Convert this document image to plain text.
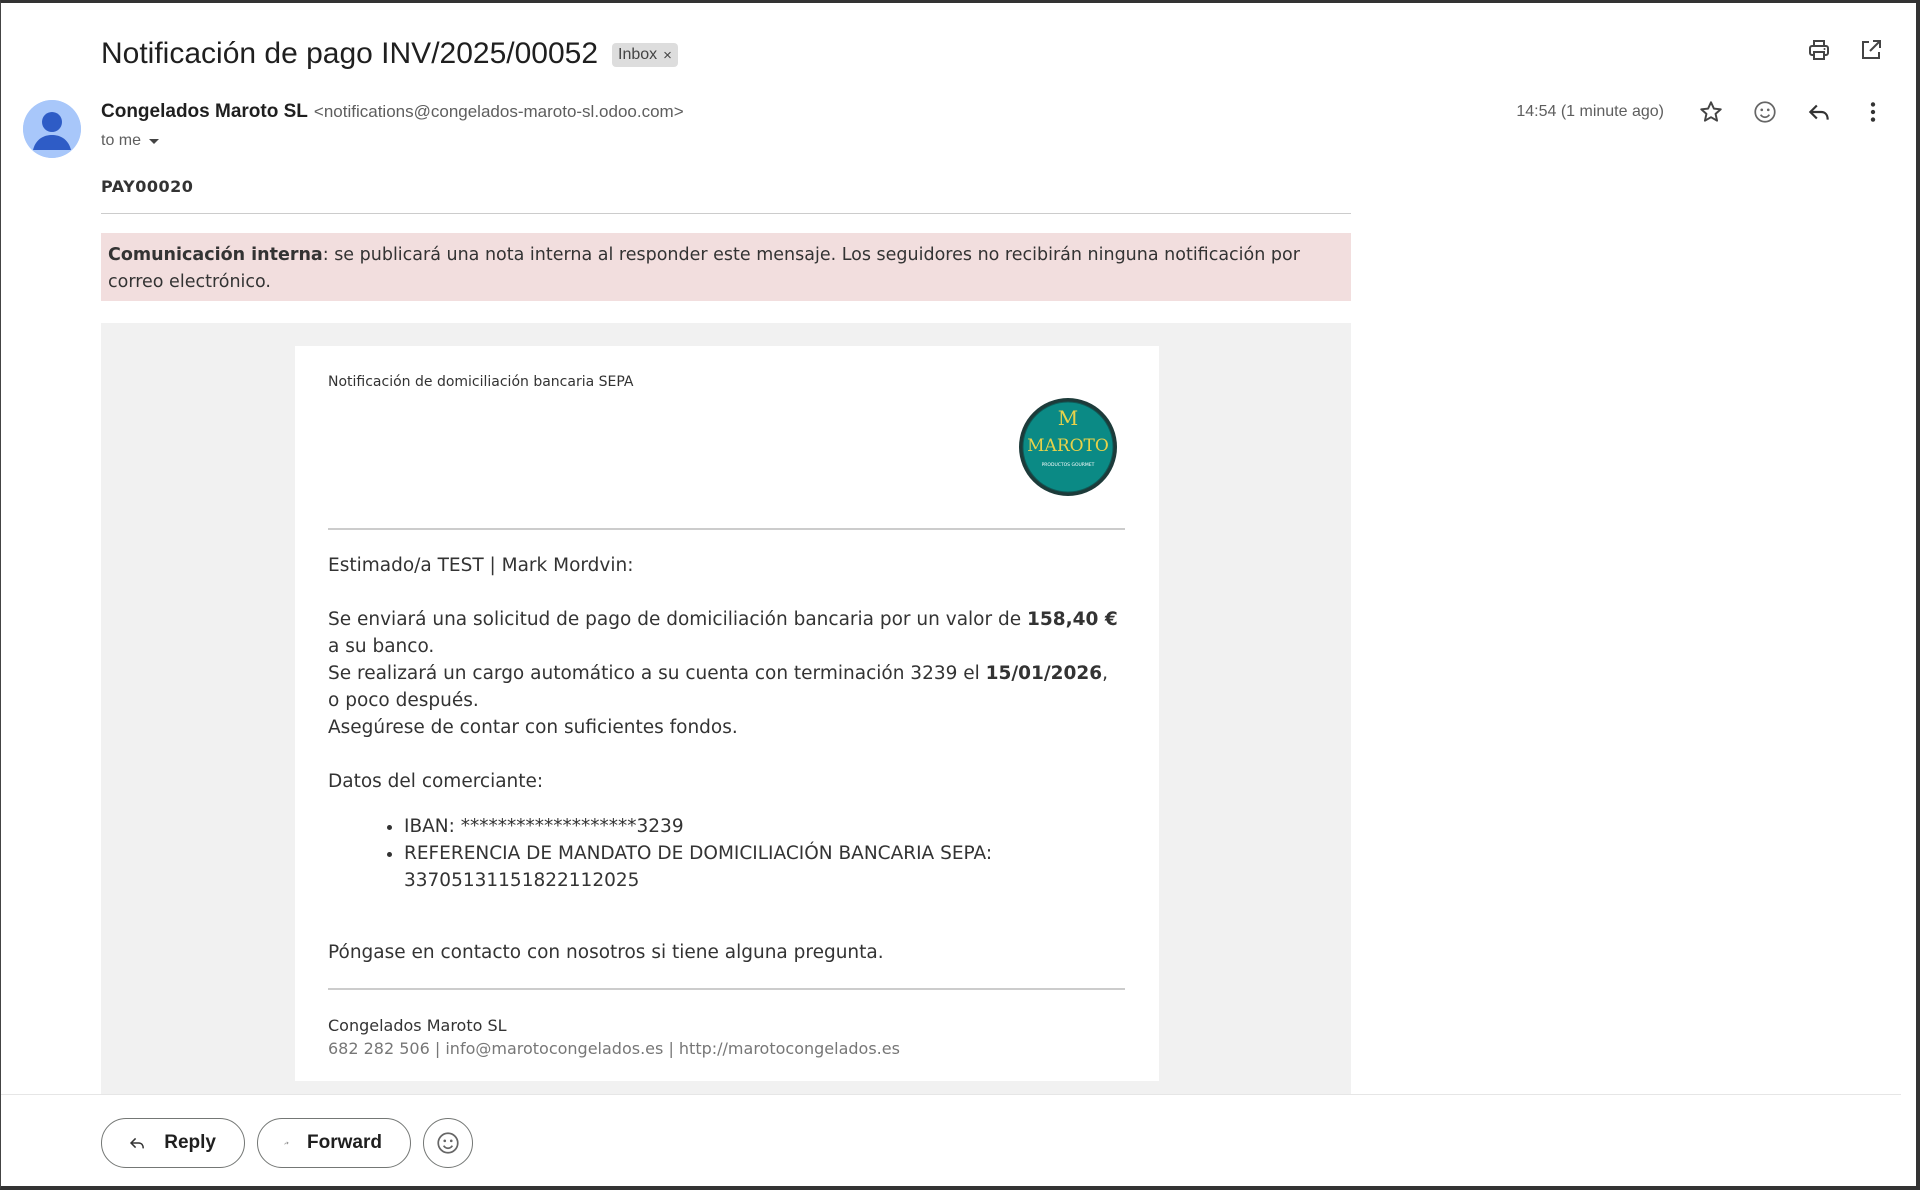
Notificación de pago INV/2025/00052 Inbox ×
Congelados Maroto SL <notifications@congelados-maroto-sl.odoo.com>
to me
14:54 (1 minute ago)
PAY00020
Comunicación interna: se publicará una nota interna al responder este mensaje. Los seguidores no recibirán ninguna notificación por correo electrónico.
Notificación de domiciliación bancaria SEPA
M
MAROTO
PRODUCTOS GOURMET

Estimado/a TEST | Mark Mordvin:

Se enviará una solicitud de pago de domiciliación bancaria por un valor de 158,40 € a su banco.

Se realizará un cargo automático a su cuenta con terminación 3239 el 15/01/2026, o poco después.

Asegúrese de contar con suficientes fondos.

Datos del comerciante:

• IBAN: *******************3239
• REFERENCIA DE MANDATO DE DOMICILIACIÓN BANCARIA SEPA: 33705131151822112025

Póngase en contacto con nosotros si tiene alguna pregunta.

Congelados Maroto SL
682 282 506 | info@marotocongelados.es | http://marotocongelados.es
Reply	Forward
